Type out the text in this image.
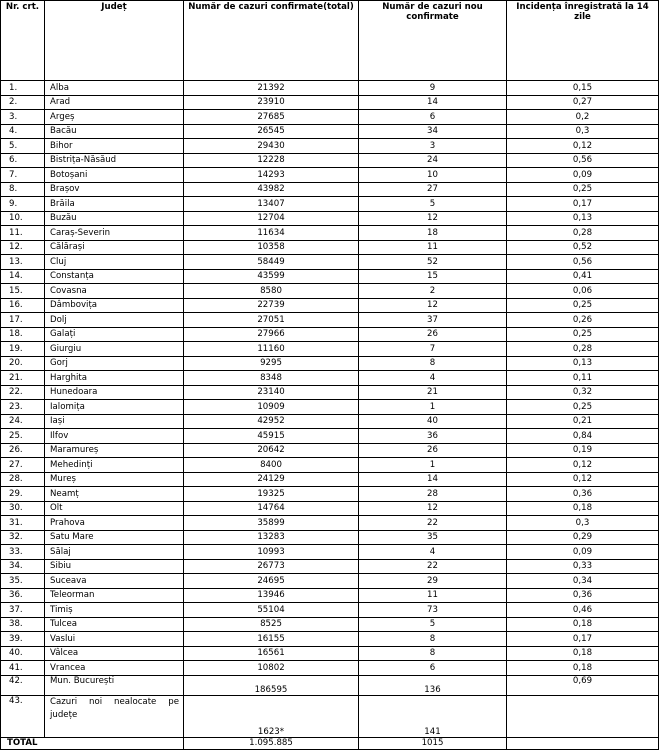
Nr. crt.	Județ	Număr de cazuri confirmate(total)	Număr de cazuri nou confirmate	Incidența înregistrată la 14 zile
1.	Alba	21392	9	0,15
2.	Arad	23910	14	0,27
3.	Argeș	27685	6	0,2
4.	Bacău	26545	34	0,3
5.	Bihor	29430	3	0,12
6.	Bistrița-Năsăud	12228	24	0,56
7.	Botoșani	14293	10	0,09
8.	Brașov	43982	27	0,25
9.	Brăila	13407	5	0,17
10.	Buzău	12704	12	0,13
11.	Caraș-Severin	11634	18	0,28
12.	Călărași	10358	11	0,52
13.	Cluj	58449	52	0,56
14.	Constanța	43599	15	0,41
15.	Covasna	8580	2	0,06
16.	Dâmbovița	22739	12	0,25
17.	Dolj	27051	37	0,26
18.	Galați	27966	26	0,25
19.	Giurgiu	11160	7	0,28
20.	Gorj	9295	8	0,13
21.	Harghita	8348	4	0,11
22.	Hunedoara	23140	21	0,32
23.	Ialomița	10909	1	0,25
24.	Iași	42952	40	0,21
25.	Ilfov	45915	36	0,84
26.	Maramureș	20642	26	0,19
27.	Mehedinți	8400	1	0,12
28.	Mureș	24129	14	0,12
29.	Neamț	19325	28	0,36
30.	Olt	14764	12	0,18
31.	Prahova	35899	22	0,3
32.	Satu Mare	13283	35	0,29
33.	Sălaj	10993	4	0,09
34.	Sibiu	26773	22	0,33
35.	Suceava	24695	29	0,34
36.	Teleorman	13946	11	0,36
37.	Timiș	55104	73	0,46
38.	Tulcea	8525	5	0,18
39.	Vaslui	16155	8	0,17
40.	Vâlcea	16561	8	0,18
41.	Vrancea	10802	6	0,18
42.	Mun. București	186595	136	0,69
43.	Cazuri noi nealocate pe județe	1623*	141	
TOTAL		1.095.885	1015	
